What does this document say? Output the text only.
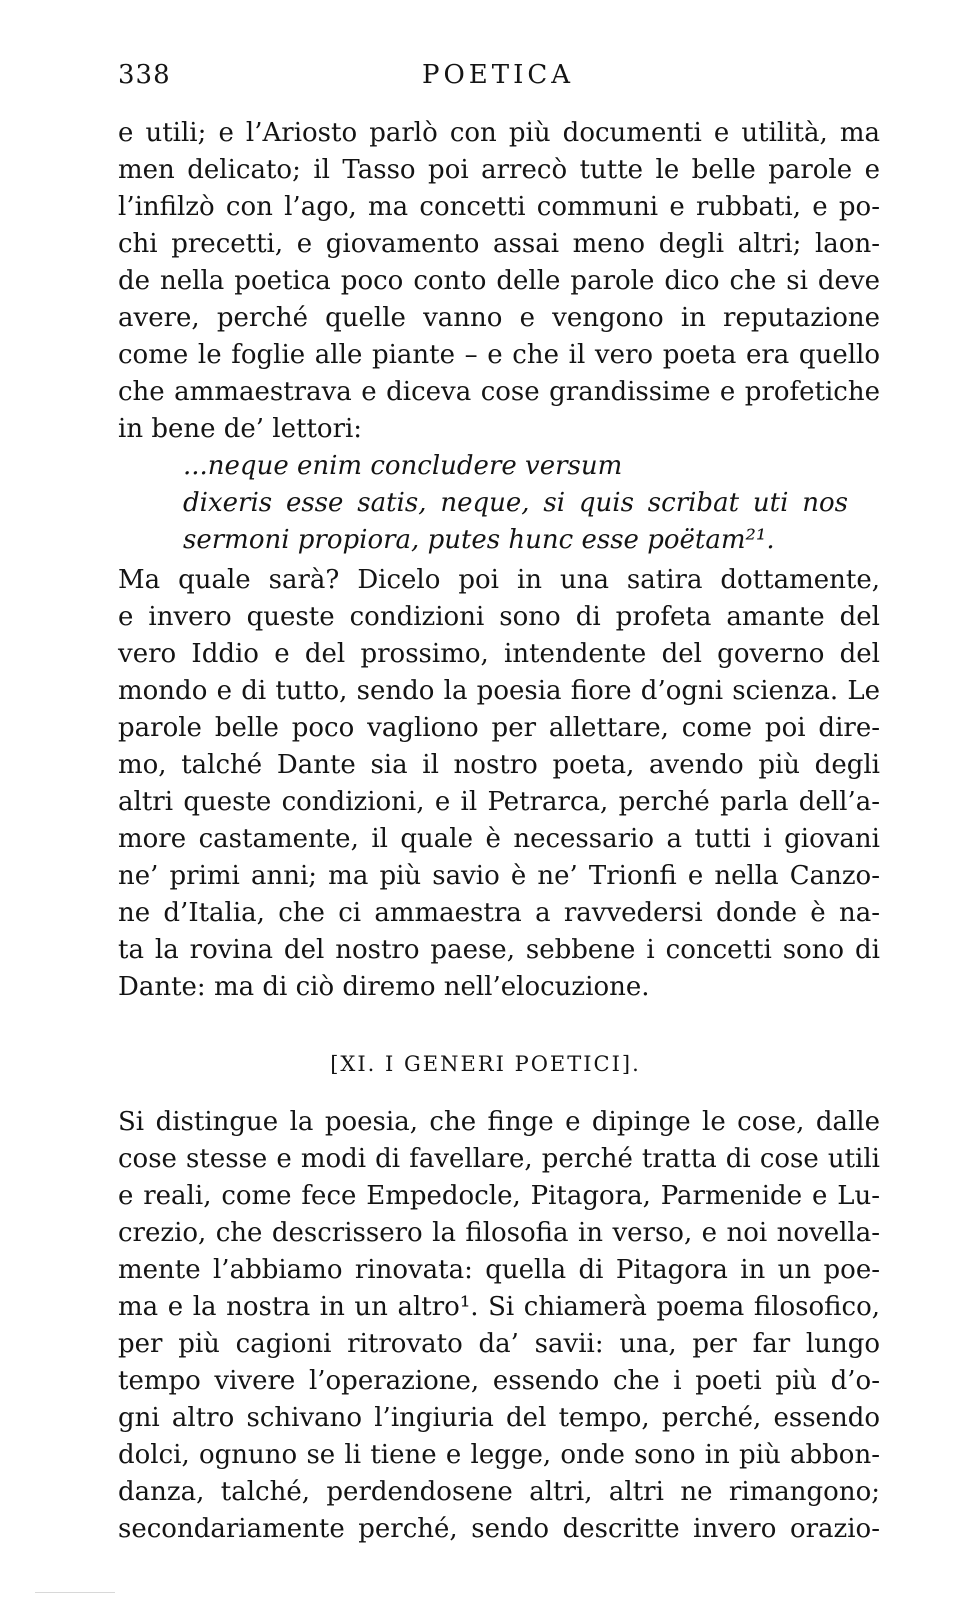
338	POETICA
e utili; e l’Ariosto parlò con più documenti e utilità, ma
men delicato; il Tasso poi arrecò tutte le belle parole e
l’infilzò con l’ago, ma concetti communi e rubbati, e po‑
chi precetti, e giovamento assai meno degli altri; laon‑
de nella poetica poco conto delle parole dico che si deve
avere, perché quelle vanno e vengono in reputazione
come le foglie alle piante – e che il vero poeta era quello
che ammaestrava e diceva cose grandissime e profetiche
in bene de’ lettori:
...neque enim concludere versum
dixeris esse satis, neque, si quis scribat uti nos
sermoni propiora, putes hunc esse poëtam²¹.
Ma quale sarà? Dicelo poi in una satira dottamente,
e invero queste condizioni sono di profeta amante del
vero Iddio e del prossimo, intendente del governo del
mondo e di tutto, sendo la poesia fiore d’ogni scienza. Le
parole belle poco vagliono per allettare, come poi dire‑
mo, talché Dante sia il nostro poeta, avendo più degli
altri queste condizioni, e il Petrarca, perché parla dell’a‑
more castamente, il quale è necessario a tutti i giovani
ne’ primi anni; ma più savio è ne’ Trionfi e nella Canzo‑
ne d’Italia, che ci ammaestra a ravvedersi donde è na‑
ta la rovina del nostro paese, sebbene i concetti sono di
Dante: ma di ciò diremo nell’elocuzione.
[XI. I GENERI POETICI].
Si distingue la poesia, che finge e dipinge le cose, dalle
cose stesse e modi di favellare, perché tratta di cose utili
e reali, come fece Empedocle, Pitagora, Parmenide e Lu‑
crezio, che descrissero la filosofia in verso, e noi novella‑
mente l’abbiamo rinovata: quella di Pitagora in un poe‑
ma e la nostra in un altro¹. Si chiamerà poema filosofico,
per più cagioni ritrovato da’ savii: una, per far lungo
tempo vivere l’operazione, essendo che i poeti più d’o‑
gni altro schivano l’ingiuria del tempo, perché, essendo
dolci, ognuno se li tiene e legge, onde sono in più abbon‑
danza, talché, perdendosene altri, altri ne rimangono;
secondariamente perché, sendo descritte invero orazio‑
